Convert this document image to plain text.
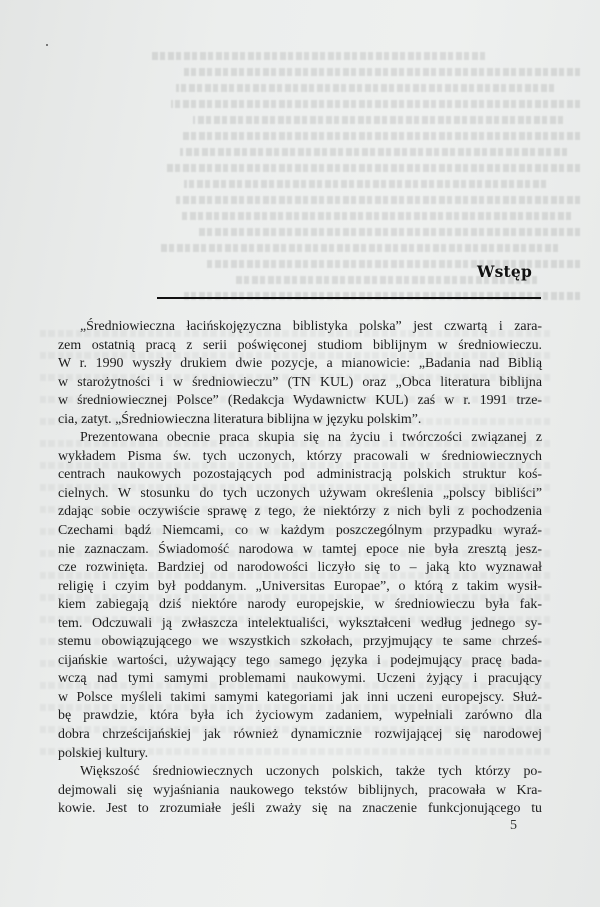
Wstęp
„Średniowieczna łacińskojęzyczna biblistyka polska” jest czwartą i zara-
zem ostatnią pracą z serii poświęconej studiom biblijnym w średniowieczu.
W r. 1990 wyszły drukiem dwie pozycje, a mianowicie: „Badania nad Biblią
w starożytności i w średniowieczu” (TN KUL) oraz „Obca literatura biblijna
w średniowiecznej Polsce” (Redakcja Wydawnictw KUL) zaś w r. 1991 trze-
cia, zatyt. „Średniowieczna literatura biblijna w języku polskim”.
Prezentowana obecnie praca skupia się na życiu i twórczości związanej z
wykładem Pisma św. tych uczonych, którzy pracowali w średniowiecznych
centrach naukowych pozostających pod administracją polskich struktur koś-
cielnych. W stosunku do tych uczonych używam określenia „polscy bibliści”
zdając sobie oczywiście sprawę z tego, że niektórzy z nich byli z pochodzenia
Czechami bądź Niemcami, co w każdym poszczególnym przypadku wyraź-
nie zaznaczam. Świadomość narodowa w tamtej epoce nie była zresztą jesz-
cze rozwinięta. Bardziej od narodowości liczyło się to – jaką kto wyznawał
religię i czyim był poddanym. „Universitas Europae”, o którą z takim wysił-
kiem zabiegają dziś niektóre narody europejskie, w średniowieczu była fak-
tem. Odczuwali ją zwłaszcza intelektualiści, wykształceni według jednego sy-
stemu obowiązującego we wszystkich szkołach, przyjmujący te same chrześ-
cijańskie wartości, używający tego samego języka i podejmujący pracę bada-
wczą nad tymi samymi problemami naukowymi. Uczeni żyjący i pracujący
w Polsce myśleli takimi samymi kategoriami jak inni uczeni europejscy. Służ-
bę prawdzie, która była ich życiowym zadaniem, wypełniali zarówno dla
dobra chrześcijańskiej jak również dynamicznie rozwijającej się narodowej
polskiej kultury.
Większość średniowiecznych uczonych polskich, także tych którzy po-
dejmowali się wyjaśniania naukowego tekstów biblijnych, pracowała w Kra-
kowie. Jest to zrozumiałe jeśli zważy się na znaczenie funkcjonującego tu
5
